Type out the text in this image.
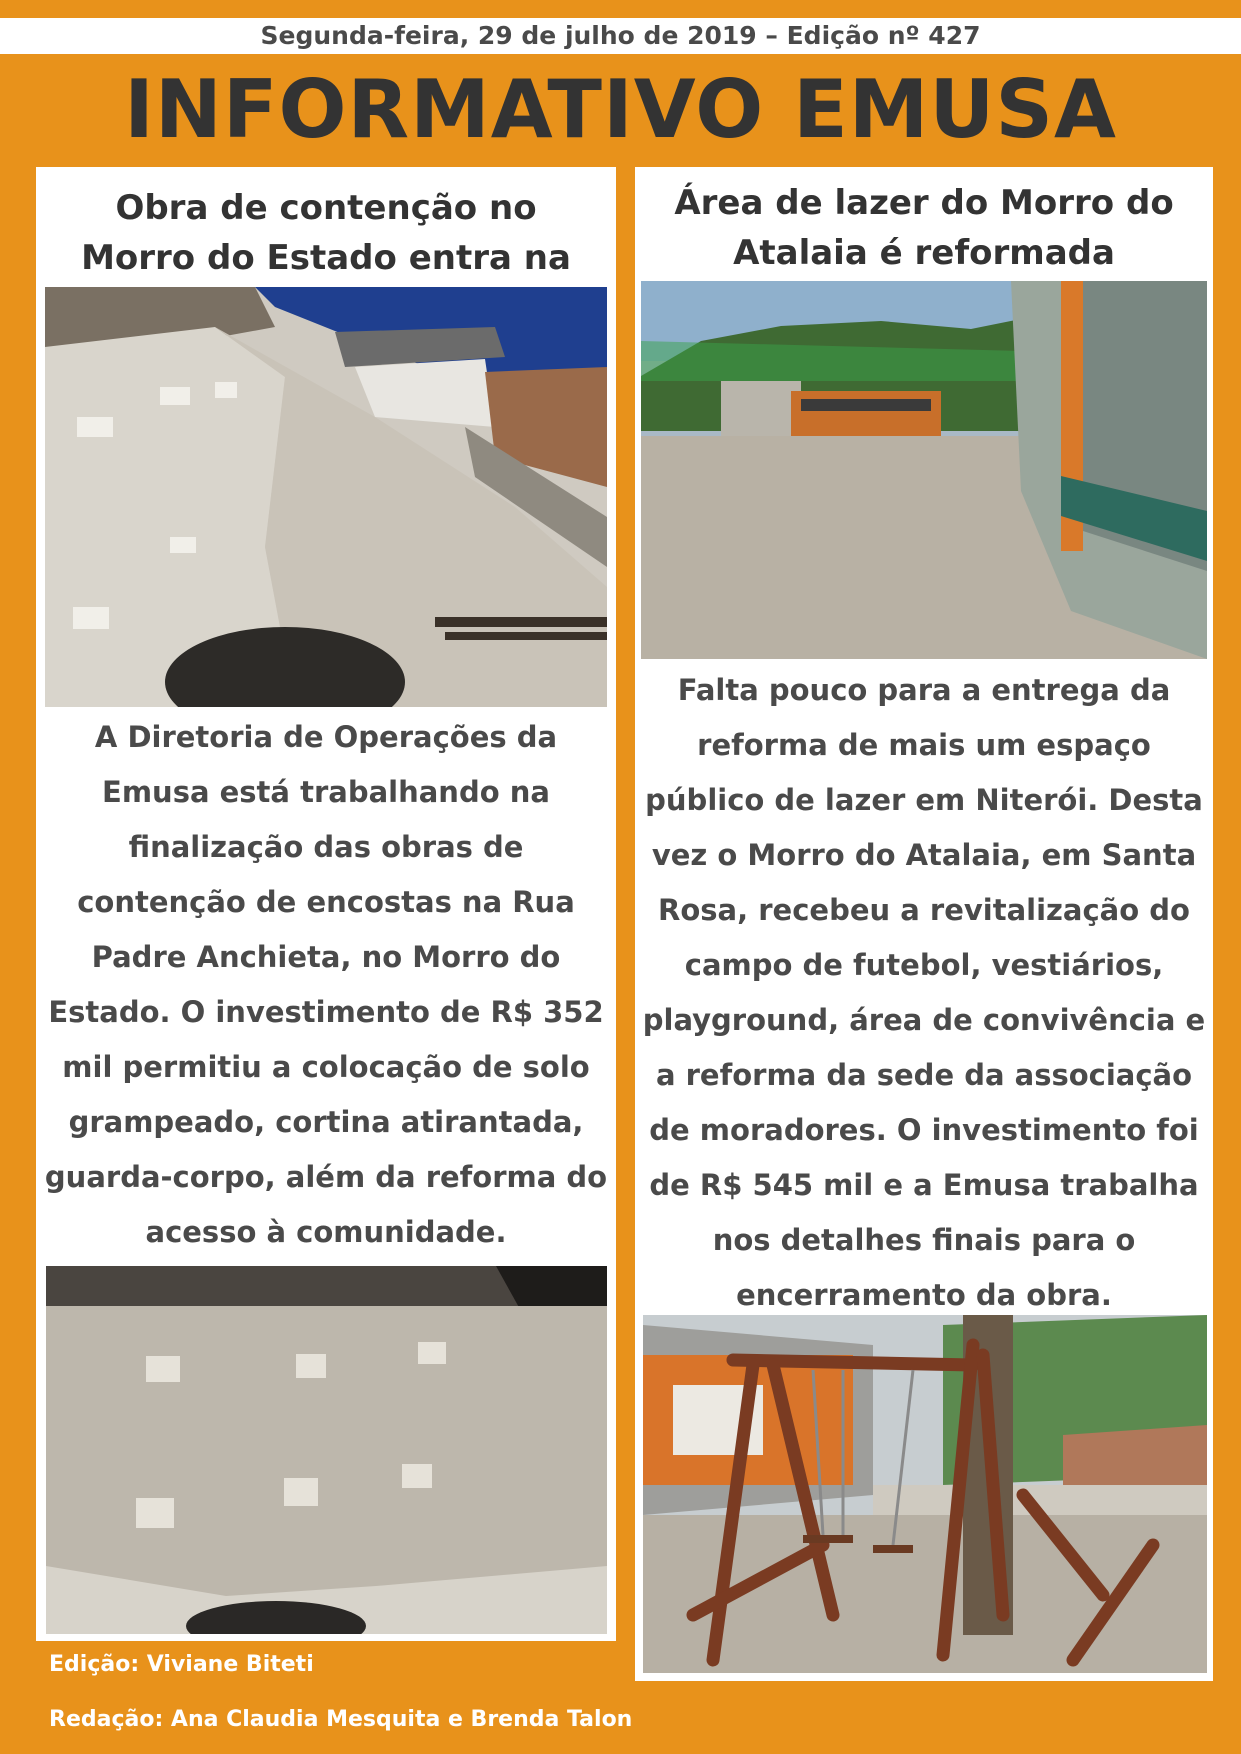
Segunda-feira, 29 de julho de 2019 – Edição nº 427
INFORMATIVO EMUSA
Obra de contenção no Morro do Estado entra na

A Diretoria de Operações da Emusa está trabalhando na finalização das obras de contenção de encostas na Rua Padre Anchieta, no Morro do Estado. O investimento de R$ 352 mil permitiu a colocação de solo grampeado, cortina atirantada, guarda-corpo, além da reforma do acesso à comunidade.

Área de lazer do Morro do Atalaia é reformada

Falta pouco para a entrega da reforma de mais um espaço público de lazer em Niterói. Desta vez o Morro do Atalaia, em Santa Rosa, recebeu a revitalização do campo de futebol, vestiários, playground, área de convivência e a reforma da sede da associação de moradores. O investimento foi de R$ 545 mil e a Emusa trabalha nos detalhes finais para o encerramento da obra.

Edição: Viviane Biteti
Redação: Ana Claudia Mesquita e Brenda Talon
